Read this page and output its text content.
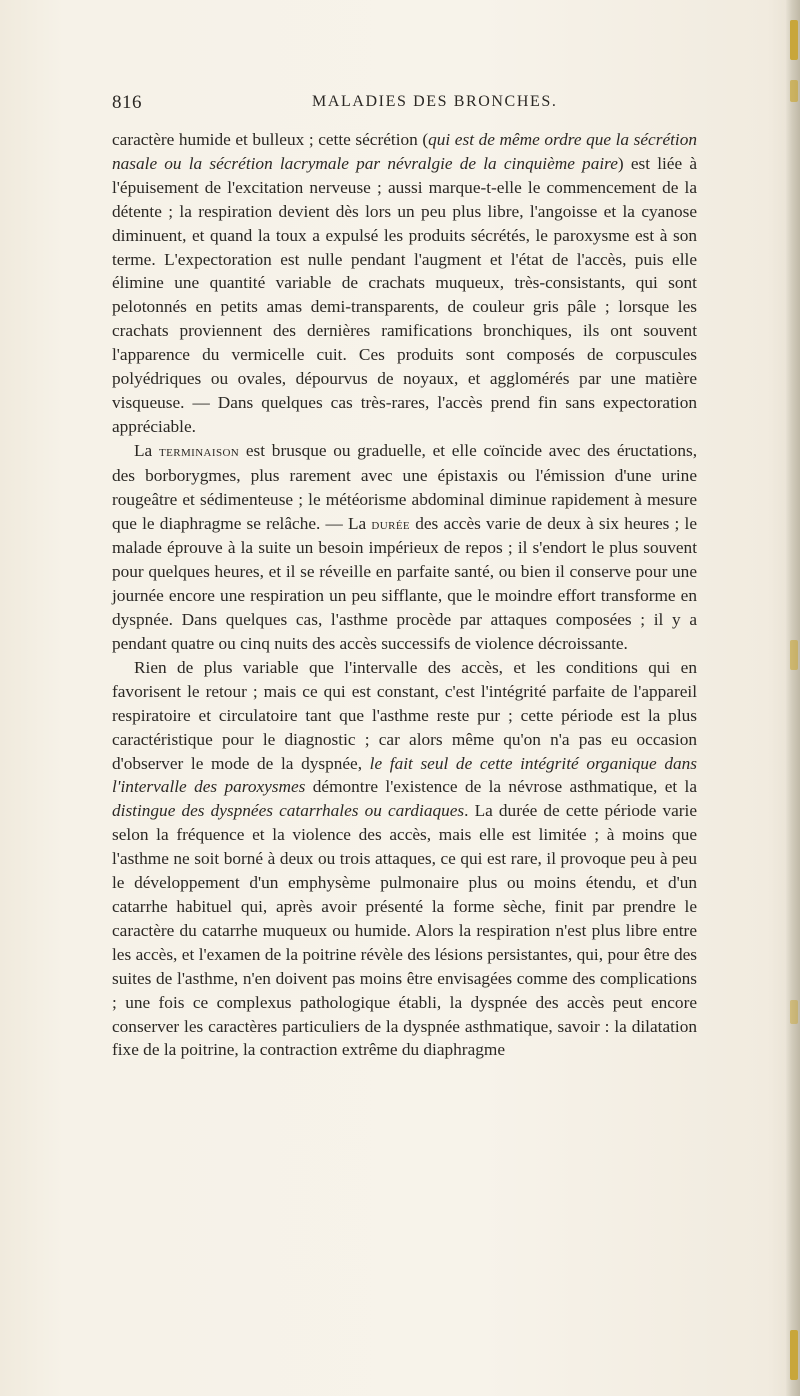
816	MALADIES DES BRONCHES.

caractère humide et bulleux ; cette sécrétion (qui est de même ordre que la sécrétion nasale ou la sécrétion lacrymale par névralgie de la cinquième paire) est liée à l'épuisement de l'excitation nerveuse ; aussi marque-t-elle le commencement de la détente ; la respiration devient dès lors un peu plus libre, l'angoisse et la cyanose diminuent, et quand la toux a expulsé les produits sécrétés, le paroxysme est à son terme. L'expectoration est nulle pendant l'augment et l'état de l'accès, puis elle élimine une quantité variable de crachats muqueux, très-consistants, qui sont pelotonnés en petits amas demi-transparents, de couleur gris pâle ; lorsque les crachats proviennent des dernières ramifications bronchiques, ils ont souvent l'apparence du vermicelle cuit. Ces produits sont composés de corpuscules polyédriques ou ovales, dépourvus de noyaux, et agglomérés par une matière visqueuse. — Dans quelques cas très-rares, l'accès prend fin sans expectoration appréciable.

La terminaison est brusque ou graduelle, et elle coïncide avec des éructations, des borborygmes, plus rarement avec une épistaxis ou l'émission d'une urine rougeâtre et sédimenteuse ; le météorisme abdominal diminue rapidement à mesure que le diaphragme se relâche. — La durée des accès varie de deux à six heures ; le malade éprouve à la suite un besoin impérieux de repos ; il s'endort le plus souvent pour quelques heures, et il se réveille en parfaite santé, ou bien il conserve pour une journée encore une respiration un peu sifflante, que le moindre effort transforme en dyspnée. Dans quelques cas, l'asthme procède par attaques composées ; il y a pendant quatre ou cinq nuits des accès successifs de violence décroissante.

Rien de plus variable que l'intervalle des accès, et les conditions qui en favorisent le retour ; mais ce qui est constant, c'est l'intégrité parfaite de l'appareil respiratoire et circulatoire tant que l'asthme reste pur ; cette période est la plus caractéristique pour le diagnostic ; car alors même qu'on n'a pas eu occasion d'observer le mode de la dyspnée, le fait seul de cette intégrité organique dans l'intervalle des paroxysmes démontre l'existence de la névrose asthmatique, et la distingue des dyspnées catarrhales ou cardiaques. La durée de cette période varie selon la fréquence et la violence des accès, mais elle est limitée ; à moins que l'asthme ne soit borné à deux ou trois attaques, ce qui est rare, il provoque peu à peu le développement d'un emphysème pulmonaire plus ou moins étendu, et d'un catarrhe habituel qui, après avoir présenté la forme sèche, finit par prendre le caractère du catarrhe muqueux ou humide. Alors la respiration n'est plus libre entre les accès, et l'examen de la poitrine révèle des lésions persistantes, qui, pour être des suites de l'asthme, n'en doivent pas moins être envisagées comme des complications ; une fois ce complexus pathologique établi, la dyspnée des accès peut encore conserver les caractères particuliers de la dyspnée asthmatique, savoir : la dilatation fixe de la poitrine, la contraction extrême du diaphragme
